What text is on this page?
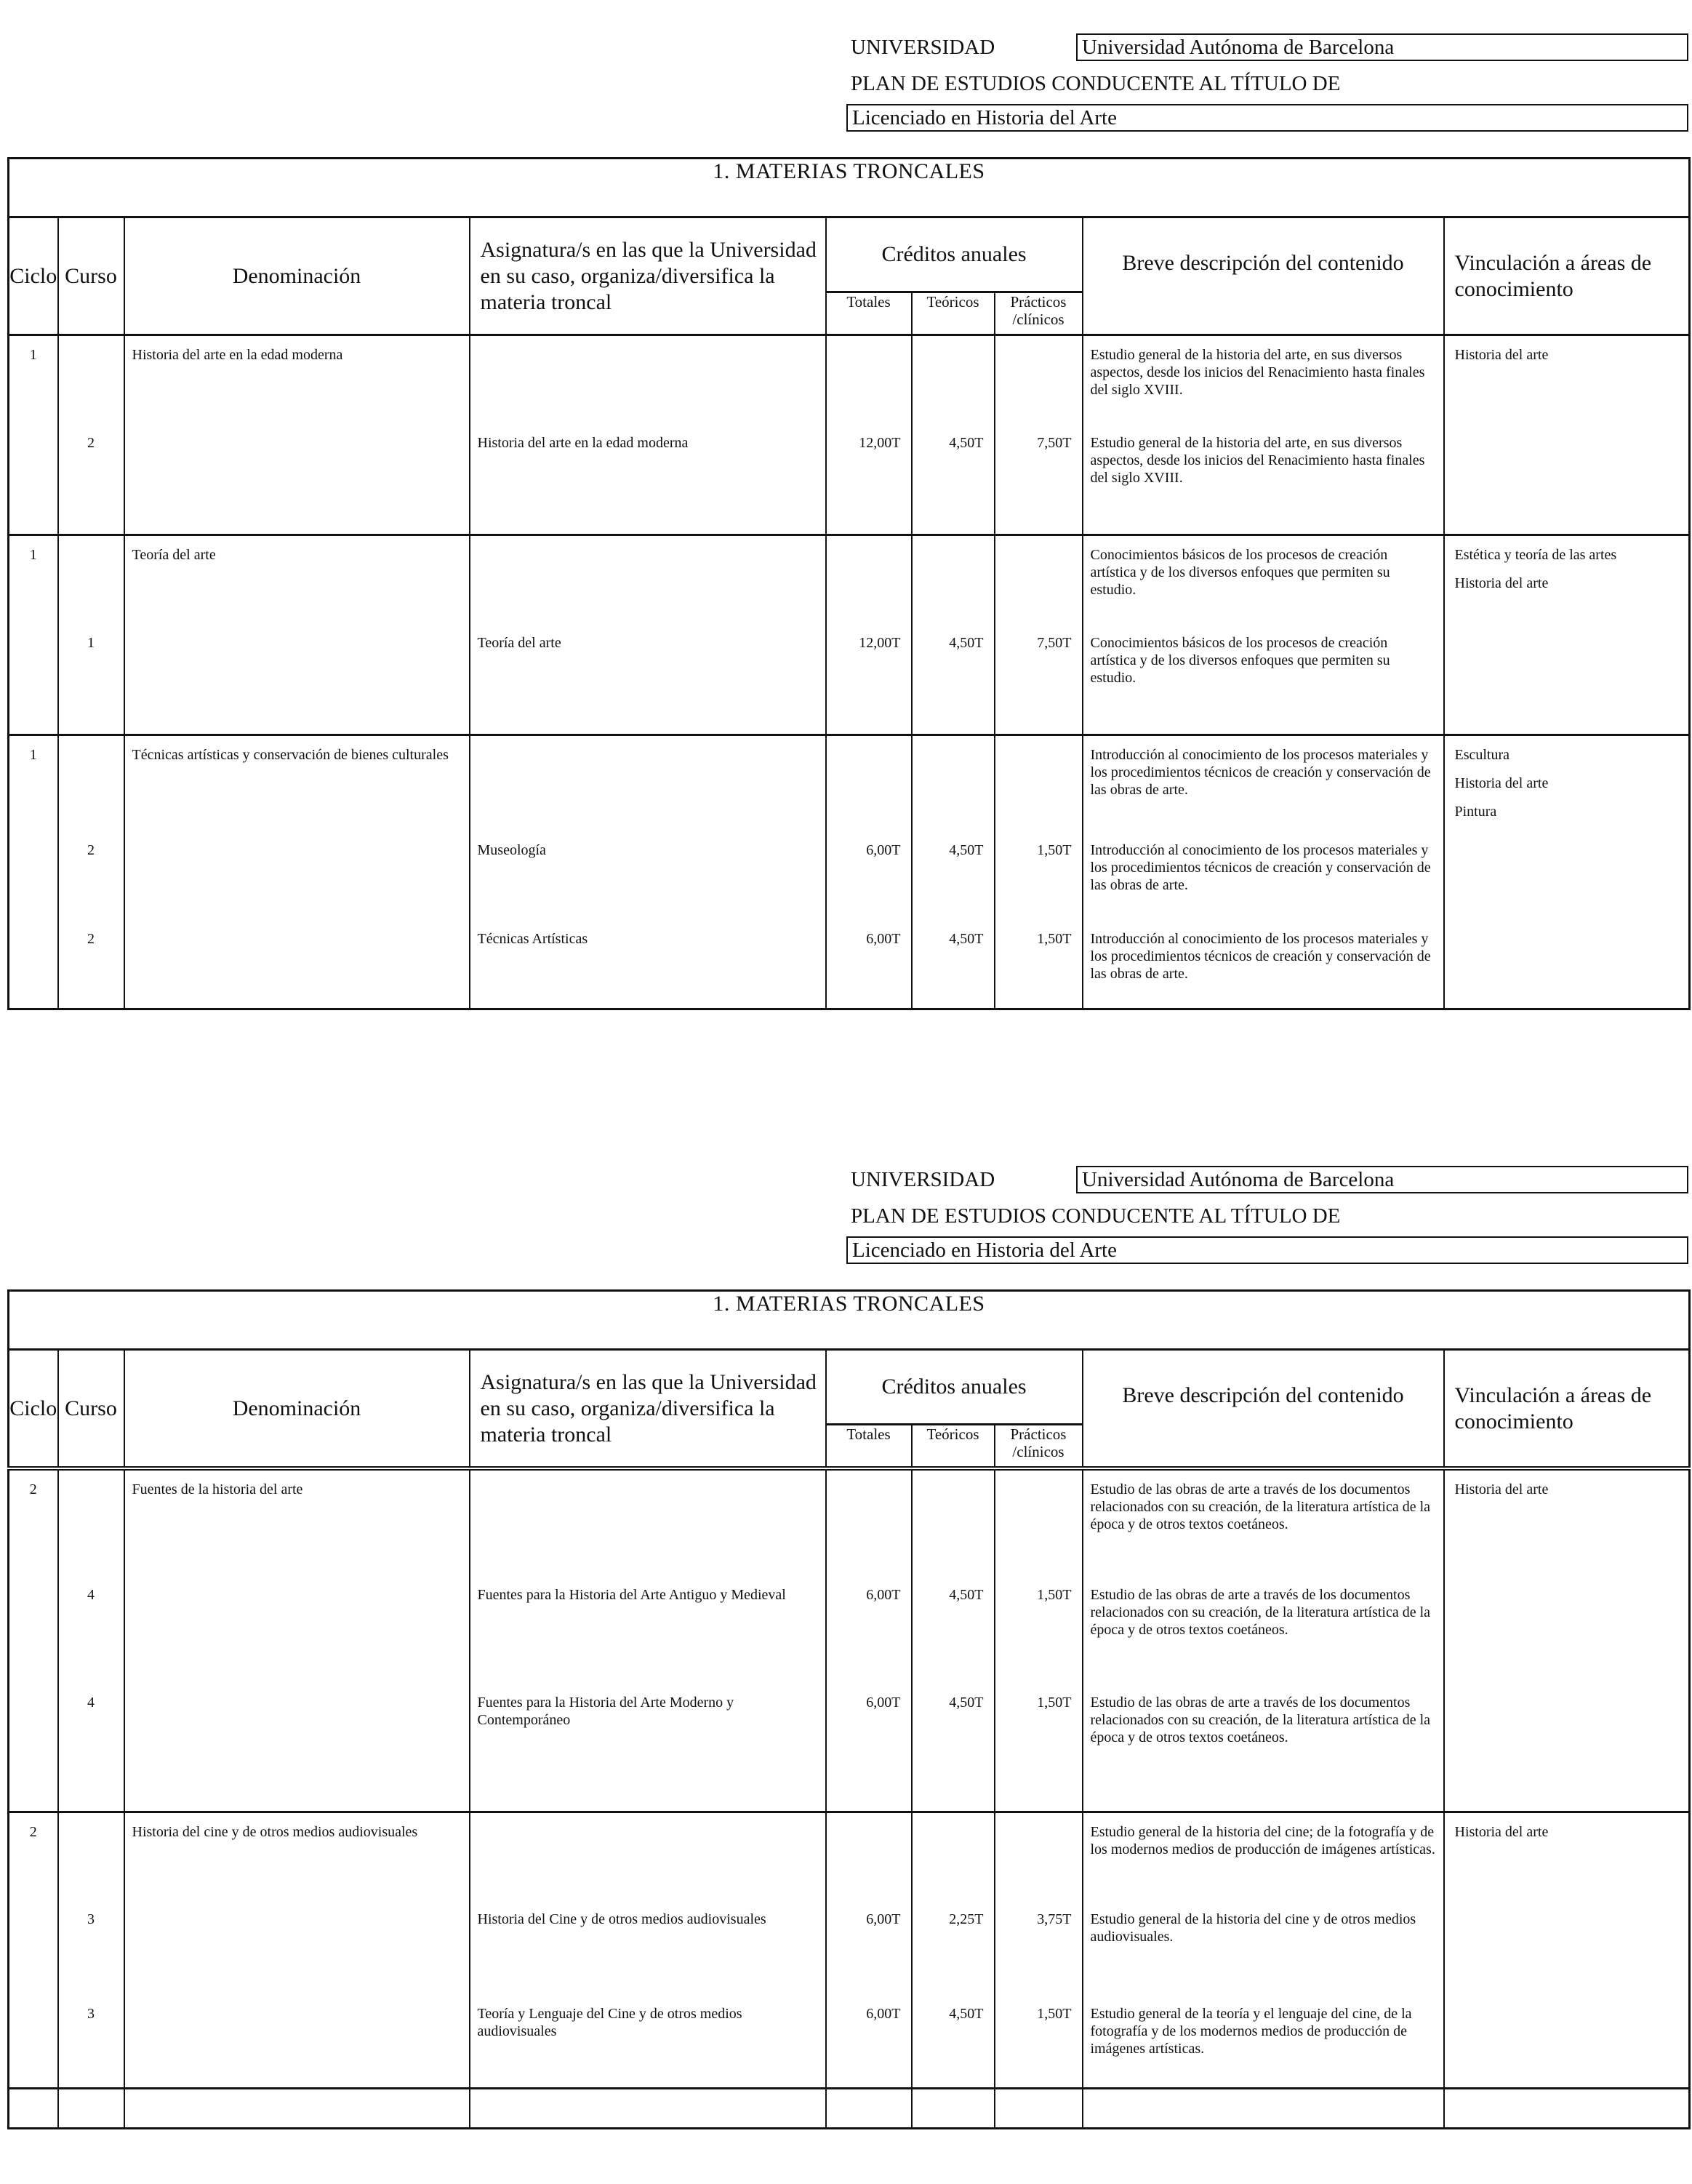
UNIVERSIDAD	Universidad Autónoma de Barcelona
PLAN DE ESTUDIOS CONDUCENTE AL TÍTULO DE
Licenciado en Historia del Arte
1. MATERIAS TRONCALES								
Ciclo	Curso	Denominación	Asignatura/s en las que la Universidad en su caso, organiza/diversifica la materia troncal	Créditos anuales			Breve descripción del contenido	Vinculación a áreas de conocimiento
				Totales	Teóricos	Prácticos /clínicos		

1		Historia del arte en la edad moderna					Estudio general de la historia del arte, en sus diversos aspectos, desde los inicios del Renacimiento hasta finales del siglo XVIII.	Historia del arte

	2		Historia del arte en la edad moderna	12,00T	4,50T	7,50T	Estudio general de la historia del arte, en sus diversos aspectos, desde los inicios del Renacimiento hasta finales del siglo XVIII.	

1		Teoría del arte					Conocimientos básicos de los procesos de creación artística y de los diversos enfoques que permiten su estudio.	Estética y teoría de las artes
Historia del arte

	1		Teoría del arte	12,00T	4,50T	7,50T	Conocimientos básicos de los procesos de creación artística y de los diversos enfoques que permiten su estudio.	

1		Técnicas artísticas y conservación de bienes culturales					Introducción al conocimiento de los procesos materiales y los procedimientos técnicos de creación y conservación de las obras de arte.	Escultura
Historia del arte
Pintura

	2		Museología	6,00T	4,50T	1,50T	Introducción al conocimiento de los procesos materiales y los procedimientos técnicos de creación y conservación de las obras de arte.	

	2		Técnicas Artísticas	6,00T	4,50T	1,50T	Introducción al conocimiento de los procesos materiales y los procedimientos técnicos de creación y conservación de las obras de arte.	

UNIVERSIDAD	Universidad Autónoma de Barcelona
PLAN DE ESTUDIOS CONDUCENTE AL TÍTULO DE
Licenciado en Historia del Arte
1. MATERIAS TRONCALES								
Ciclo	Curso	Denominación	Asignatura/s en las que la Universidad en su caso, organiza/diversifica la materia troncal	Créditos anuales			Breve descripción del contenido	Vinculación a áreas de conocimiento
				Totales	Teóricos	Prácticos /clínicos		

2		Fuentes de la historia del arte					Estudio de las obras de arte a través de los documentos relacionados con su creación, de la literatura artística de la época y de otros textos coetáneos.	Historia del arte

	4		Fuentes para la Historia del Arte Antiguo y Medieval	6,00T	4,50T	1,50T	Estudio de las obras de arte a través de los documentos relacionados con su creación, de la literatura artística de la época y de otros textos coetáneos.	

	4		Fuentes para la Historia del Arte Moderno y Contemporáneo	6,00T	4,50T	1,50T	Estudio de las obras de arte a través de los documentos relacionados con su creación, de la literatura artística de la época y de otros textos coetáneos.	

2		Historia del cine y de otros medios audiovisuales					Estudio general de la historia del cine; de la fotografía y de los modernos medios de producción de imágenes artísticas.	Historia del arte

	3		Historia del Cine y de otros medios audiovisuales	6,00T	2,25T	3,75T	Estudio general de la historia del cine y de otros medios audiovisuales.	

	3		Teoría y Lenguaje del Cine y de otros medios audiovisuales	6,00T	4,50T	1,50T	Estudio general de la teoría y el lenguaje del cine, de la fotografía y de los modernos medios de producción de imágenes artísticas.	
